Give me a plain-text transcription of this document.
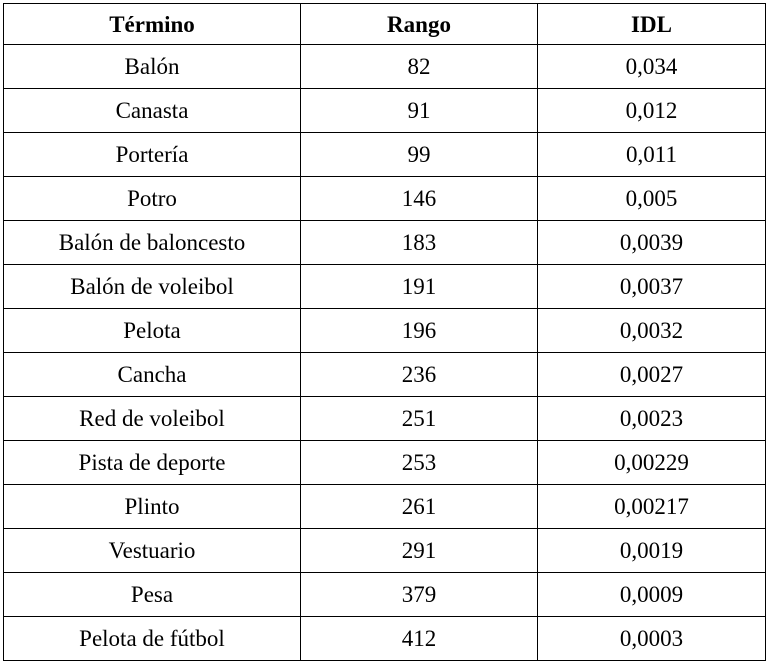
Término	Rango	IDL
Balón	82	0,034
Canasta	91	0,012
Portería	99	0,011
Potro	146	0,005
Balón de baloncesto	183	0,0039
Balón de voleibol	191	0,0037
Pelota	196	0,0032
Cancha	236	0,0027
Red de voleibol	251	0,0023
Pista de deporte	253	0,00229
Plinto	261	0,00217
Vestuario	291	0,0019
Pesa	379	0,0009
Pelota de fútbol	412	0,0003
